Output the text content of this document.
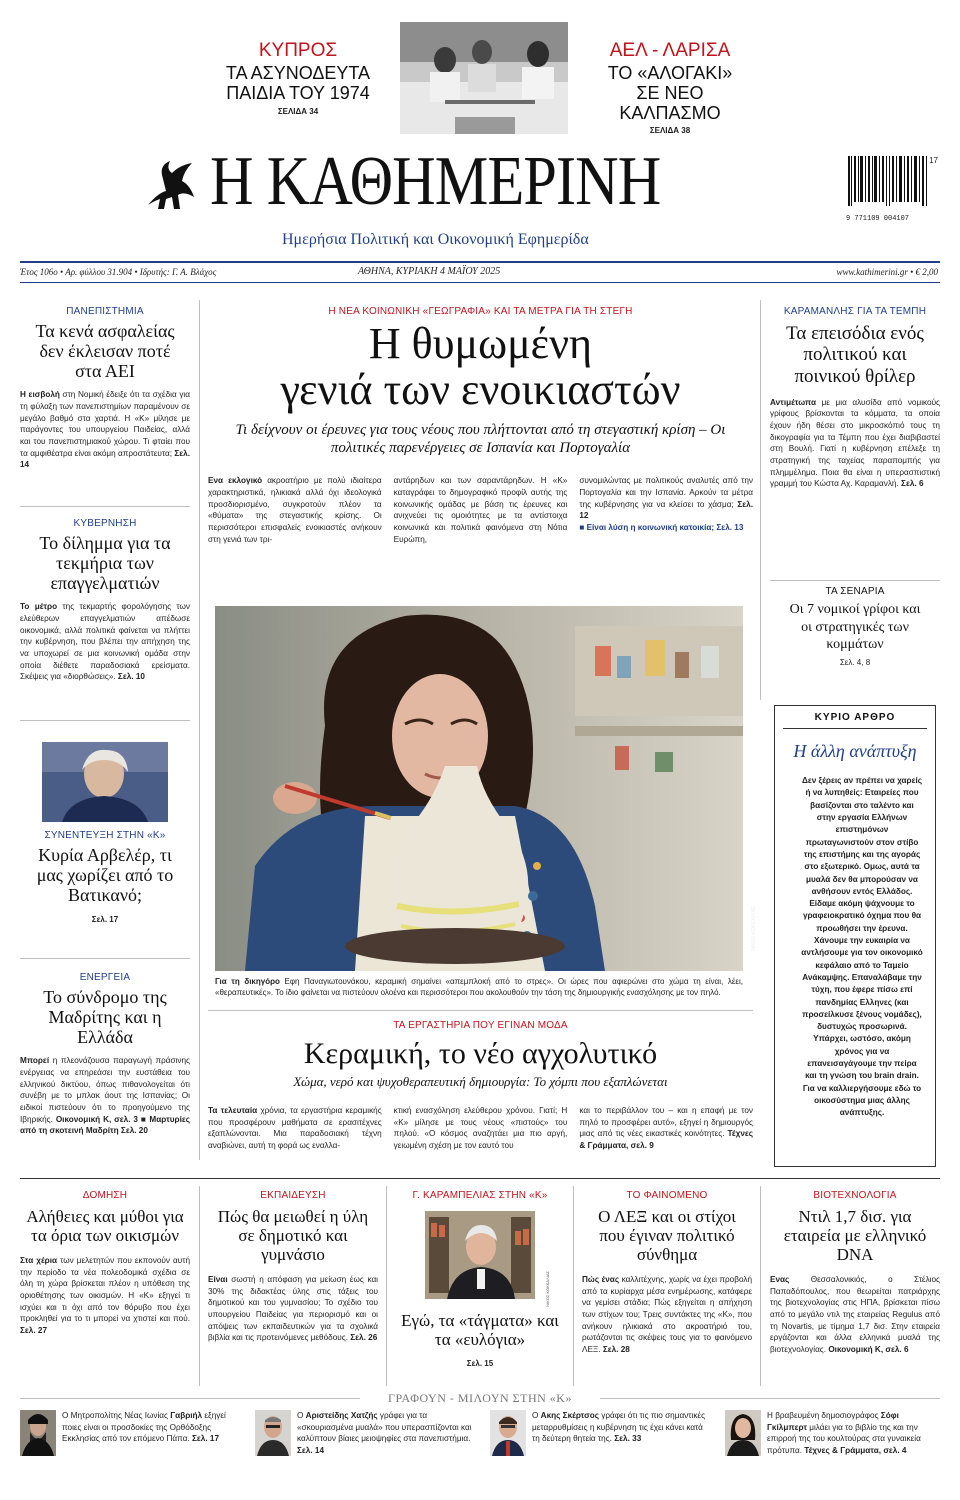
ΚΥΠΡΟΣ
ΤΑ ΑΣΥΝΟΔΕΥΤΑ ΠΑΙΔΙΑ ΤΟΥ 1974
ΣΕΛΙΔΑ 34
ΑΕΛ - ΛΑΡΙΣΑ
ΤΟ «ΑΛΟΓΑΚΙ» ΣΕ ΝΕΟ ΚΑΛΠΑΣΜΟ
ΣΕΛΙΔΑ 38
Η ΚΑΘΗΜΕΡΙΝΗ
Ημερήσια Πολιτική και Οικονομική Εφημερίδα
9 771109 004107
17
Έτος 106ο • Αρ. φύλλου 31.904 • Ιδρυτής: Γ. Α. Βλάχος	ΑΘΗΝΑ, ΚΥΡΙΑΚΗ 4 ΜΑΪΟΥ 2025	www.kathimerini.gr • € 2,00
ΠΑΝΕΠΙΣΤΗΜΙΑ
Τα κενά ασφαλείας δεν έκλεισαν ποτέ στα ΑΕΙ

Η εισβολή στη Νομική έδειξε ότι τα σχέδια για τη φύλαξη των πανεπιστημίων παραμένουν σε μεγάλο βαθμό στα χαρτιά. Η «Κ» μίλησε με παράγοντες του υπουργείου Παιδείας, αλλά και του πανεπιστημιακού χώρου. Τι φταίει που τα αμφιθέατρα είναι ακόμη απροστάτευτα; Σελ. 14

ΚΥΒΕΡΝΗΣΗ
Το δίλημμα για τα τεκμήρια των επαγγελματιών

Το μέτρο της τεκμαρτής φορολόγησης των ελεύθερων επαγγελματιών απέδωσε οικονομικά, αλλά πολιτικά φαίνεται να πλήττει την κυβέρνηση, που βλέπει την απήχηση της να υποχωρεί σε μια κοινωνική ομάδα στην οποία διέθετε παραδοσιακά ερείσματα. Σκέψεις για «διορθώσεις». Σελ. 10

ΣΥΝΕΝΤΕΥΞΗ ΣΤΗΝ «Κ»
Κυρία Αρβελέρ, τι μας χωρίζει από το Βατικανό;
Σελ. 17
ΕΝΕΡΓΕΙΑ
Το σύνδρομο της Μαδρίτης και η Ελλάδα

Μπορεί η πλεονάζουσα παραγωγή πράσινης ενέργειας να επηρεάσει την ευστάθεια του ελληνικού δικτύου, όπως πιθανολογείται ότι συνέβη με το μπλακ άουτ της Ισπανίας; Οι ειδικοί πιστεύουν ότι το προηγούμενο της Ιβηρικής. Οικονομική Κ, σελ. 3 ■ Μαρτυρίες από τη σκοτεινή Μαδρίτη Σελ. 20

Η ΝΕΑ ΚΟΙΝΩΝΙΚΗ «ΓΕΩΓΡΑΦΙΑ» ΚΑΙ ΤΑ ΜΕΤΡΑ ΓΙΑ ΤΗ ΣΤΕΓΗ
Η θυμωμένη
γενιά των ενοικιαστών
Τι δείχνουν οι έρευνες για τους νέους που πλήττονται από τη στεγαστική κρίση – Οι πολιτικές παρενέργειες σε Ισπανία και Πορτογαλία

Ενα εκλογικό ακροατήριο με πολύ ιδιαίτερα χαρακτηριστικά, ηλικιακά αλλά όχι ιδεολογικά προσδιορισμένο, συγκροτούν πλέον τα «θύματα» της στεγαστικής κρίσης. Οι περισσότεροι επισφαλείς ενοικιαστές ανήκουν στη γενιά των τρι-

αντάρηδων και των σαραντάρηδων. Η «Κ» καταγράφει το δημογραφικό προφίλ αυτής της κοινωνικής ομάδας με βάση τις έρευνες και ανιχνεύει τις ομοιότητες με τα αντίστοιχα κοινωνικά και πολιτικά φαινόμενα στη Νότια Ευρώπη,

συνομιλώντας με πολιτικούς αναλυτές από την Πορτογαλία και την Ισπανία. Αρκούν τα μέτρα της κυβέρνησης για να κλείσει το χάσμα; Σελ. 12
■ Είναι λύση η κοινωνική κατοικία; Σελ. 13

ΝΙΚΟΣ ΚΟΚΚΑΛΙΑΣ

Για τη δικηγόρο Εφη Παναγιωτουνάκου, κεραμική σημαίνει «απεμπλοκή από το στρες». Οι ώρες που αφιερώνει στο χώμα τη είναι, λέει, «θεραπευτικές». Το ίδιο φαίνεται να πιστεύουν ολοένα και περισσότεροι που ακολουθούν την τάση της δημιουργικής ενασχόλησης με τον πηλό.

ΤΑ ΕΡΓΑΣΤΗΡΙΑ ΠΟΥ ΕΓΙΝΑΝ ΜΟΔΑ
Κεραμική, το νέο αγχολυτικό
Χώμα, νερό και ψυχοθεραπευτική δημιουργία: Το χόμπι που εξαπλώνεται

Τα τελευταία χρόνια, τα εργαστήρια κεραμικής που προσφέρουν μαθήματα σε ερασιτέχνες εξαπλώνονται. Μια παραδοσιακή τέχνη αναβιώνει, αυτή τη φορά ως εναλλα-

κτική ενασχόληση ελεύθερου χρόνου. Γιατί; Η «Κ» μίλησε με τους νέους «πιστούς» του πηλού. «Ο κόσμος αναζητάει μια πιο αργή, γειωμένη σχέση με τον εαυτό του

και το περιβάλλον του – και η επαφή με τον πηλό το προσφέρει αυτό», εξηγεί η δημιουργός μιας από τις νέες εικαστικές κοινότητες. Τέχνες & Γράμματα, σελ. 9

ΚΑΡΑΜΑΝΛΗΣ ΓΙΑ ΤΑ ΤΕΜΠΗ
Τα επεισόδια ενός πολιτικού και ποινικού θρίλερ

Αντιμέτωπα με μια αλυσίδα από νομικούς γρίφους βρίσκονται τα κόμματα, τα οποία έχουν ήδη θέσει στο μικροσκόπιό τους τη δικογραφία για τα Τέμπη που έχει διαβιβαστεί στη Βουλή. Γιατί η κυβέρνηση επέλεξε τη στρατηγική της ταχείας παραπομπής για πλημμέλημα. Ποια θα είναι η υπερασπιστική γραμμή του Κώστα Αχ. Καραμανλή. Σελ. 6

ΤΑ ΣΕΝΑΡΙΑ
Οι 7 νομικοί γρίφοι και οι στρατηγικές των κομμάτων
Σελ. 4, 8
ΚΥΡΙΟ ΑΡΘΡΟ
Η άλλη ανάπτυξη

Δεν ξέρεις αν πρέπει να χαρείς ή να λυπηθείς: Εταιρείες που βασίζονται στο ταλέντο και στην εργασία Ελλήνων επιστημόνων πρωταγωνιστούν στον στίβο της επιστήμης και της αγοράς στο εξωτερικό. Ομως, αυτά τα μυαλά δεν θα μπορούσαν να ανθήσουν εντός Ελλάδος. Είδαμε ακόμη ψάχνουμε το γραφειοκρατικό όχημα που θα προωθήσει την έρευνα. Χάνουμε την ευκαιρία να αντλήσουμε για τον οικονομικό κεφάλαιο από το Ταμείο Ανάκαμψης. Επαναλάβαμε την τύχη, που έφερε πίσω επί πανδημίας Ελληνες (και προσείλκυσε ξένους νομάδες), δυστυχώς προσωρινά. Υπάρχει, ωστόσο, ακόμη χρόνος για να επανεισαγάγουμε την πείρα και τη γνώση του brain drain. Για να καλλιεργήσουμε εδώ το οικοσύστημα μιας άλλης ανάπτυξης.

ΔΟΜΗΣΗ
Αλήθειες και μύθοι για τα όρια των οικισμών

Στα χέρια των μελετητών που εκπονούν αυτή την περίοδο τα νέα πολεοδομικά σχέδια σε όλη τη χώρα βρίσκεται πλέον η υπόθεση της οριοθέτησης των οικισμών. Η «Κ» εξηγεί τι ισχύει και τι όχι από τον θόρυβο που έχει προκληθεί για το τι μπορεί να χτιστεί και πού. Σελ. 27

ΕΚΠΑΙΔΕΥΣΗ
Πώς θα μειωθεί η ύλη σε δημοτικό και γυμνάσιο

Είναι σωστή η απόφαση για μείωση έως και 30% της διδακτέας ύλης στις τάξεις του δημοτικού και του γυμνασίου; Το σχέδιο του υπουργείου Παιδείας για περιορισμό και οι απόψεις των εκπαιδευτικών για τα σχολικά βιβλία και τις προτεινόμενες μεθόδους. Σελ. 26

Γ. ΚΑΡΑΜΠΕΛΙΑΣ ΣΤΗΝ «Κ»
ΝΙΚΟΣ ΚΟΚΚΑΛΙΑΣ
Εγώ, τα «τάγματα» και τα «ευλόγια»
Σελ. 15
ΤΟ ΦΑΙΝΟΜΕΝΟ
Ο ΛΕΞ και οι στίχοι που έγιναν πολιτικό σύνθημα

Πώς ένας καλλιτέχνης, χωρίς να έχει προβολή από τα κυρίαρχα μέσα ενημέρωσης, κατάφερε να γεμίσει στάδια; Πώς εξηγείται η απήχηση των στίχων του; Τρεις συντάκτες της «Κ», που ανήκουν ηλικιακά στο ακροατήριό του, ρωτάζονται τις σκέψεις τους για το φαινόμενο ΛΕΞ. Σελ. 28

ΒΙΟΤΕΧΝΟΛΟΓΙΑ
Ντιλ 1,7 δισ. για εταιρεία με ελληνικό DNA

Ενας Θεσσαλονικιός, ο Στέλιος Παπαδόπουλος, που θεωρείται πατριάρχης της βιοτεχνολογίας στις ΗΠΑ, βρίσκεται πίσω από το μεγάλο ντιλ της εταιρείας Regulus από τη Novartis, με τίμημα 1,7 δισ. Στην εταιρεία εργάζονται και άλλα ελληνικά μυαλά της βιοτεχνολογίας. Οικονομική Κ, σελ. 6

ΓΡΑΦΟΥΝ - ΜΙΛΟΥΝ ΣΤΗΝ «Κ»
Ο Μητροπολίτης Νέας Ιωνίας Γαβριήλ εξηγεί ποιες είναι οι προσδοκίες της Ορθόδοξης Εκκλησίας από τον επόμενο Πάπα. Σελ. 17
Ο Αριστείδης Χατζής γράφει για τα «σκουριασμένα μυαλά» που υπερασπίζονται και καλύπτουν βίαιες μειοψηφίες στα πανεπιστήμια. Σελ. 14
Ο Ακης Σκέρτσος γράφει ότι τις πιο σημαντικές μεταρρυθμίσεις η κυβέρνηση τις έχει κάνει κατά τη δεύτερη θητεία της. Σελ. 33
Η βραβευμένη δημοσιογράφος Σόφι Γκίλμπερτ μιλάει για το βιβλίο της και την επιρροή της του κουλτούρας στα γυναικεία πρότυπα. Τέχνες & Γράμματα, σελ. 4
